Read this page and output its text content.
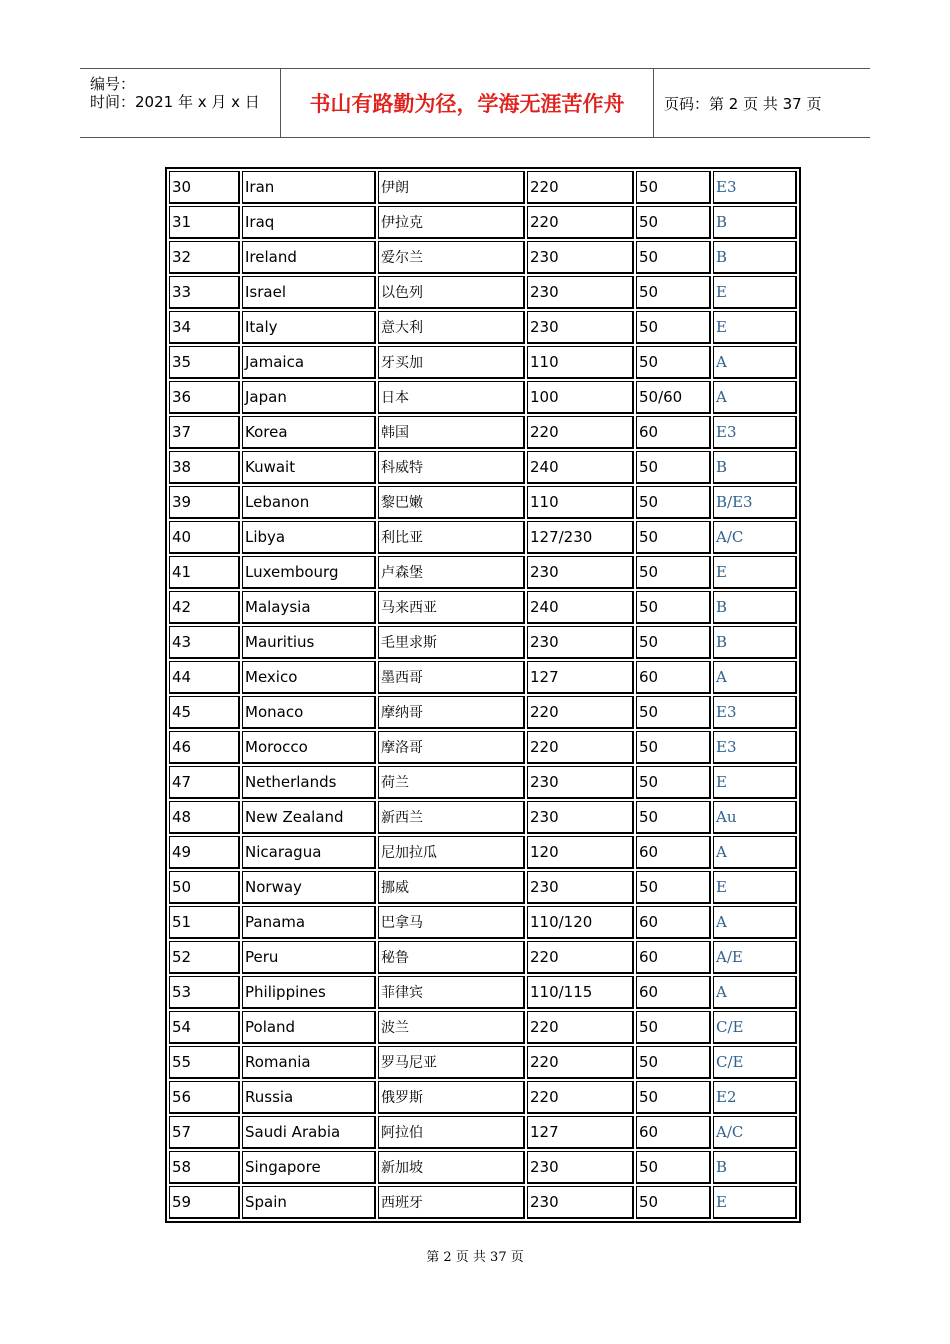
编号：
时间：2021 年 x 月 x 日 书山有路勤为径，学海无涯苦作舟	页码：第 2 页 共 37 页
30	Iran	伊朗	220	50	E3
31	Iraq	伊拉克	220	50	B
32	Ireland	爱尔兰	230	50	B
33	Israel	以色列	230	50	E
34	Italy	意大利	230	50	E
35	Jamaica	牙买加	110	50	A
36	Japan	日本	100	50/60	A
37	Korea	韩国	220	60	E3
38	Kuwait	科威特	240	50	B
39	Lebanon	黎巴嫩	110	50	B/E3
40	Libya	利比亚	127/230	50	A/C
41	Luxembourg	卢森堡	230	50	E
42	Malaysia	马来西亚	240	50	B
43	Mauritius	毛里求斯	230	50	B
44	Mexico	墨西哥	127	60	A
45	Monaco	摩纳哥	220	50	E3
46	Morocco	摩洛哥	220	50	E3
47	Netherlands	荷兰	230	50	E
48	New Zealand	新西兰	230	50	Au
49	Nicaragua	尼加拉瓜	120	60	A
50	Norway	挪威	230	50	E
51	Panama	巴拿马	110/120	60	A
52	Peru	秘鲁	220	60	A/E
53	Philippines	菲律宾	110/115	60	A
54	Poland	波兰	220	50	C/E
55	Romania	罗马尼亚	220	50	C/E
56	Russia	俄罗斯	220	50	E2
57	Saudi Arabia	阿拉伯	127	60	A/C
58	Singapore	新加坡	230	50	B
59	Spain	西班牙	230	50	E
第 2 页 共 37 页
